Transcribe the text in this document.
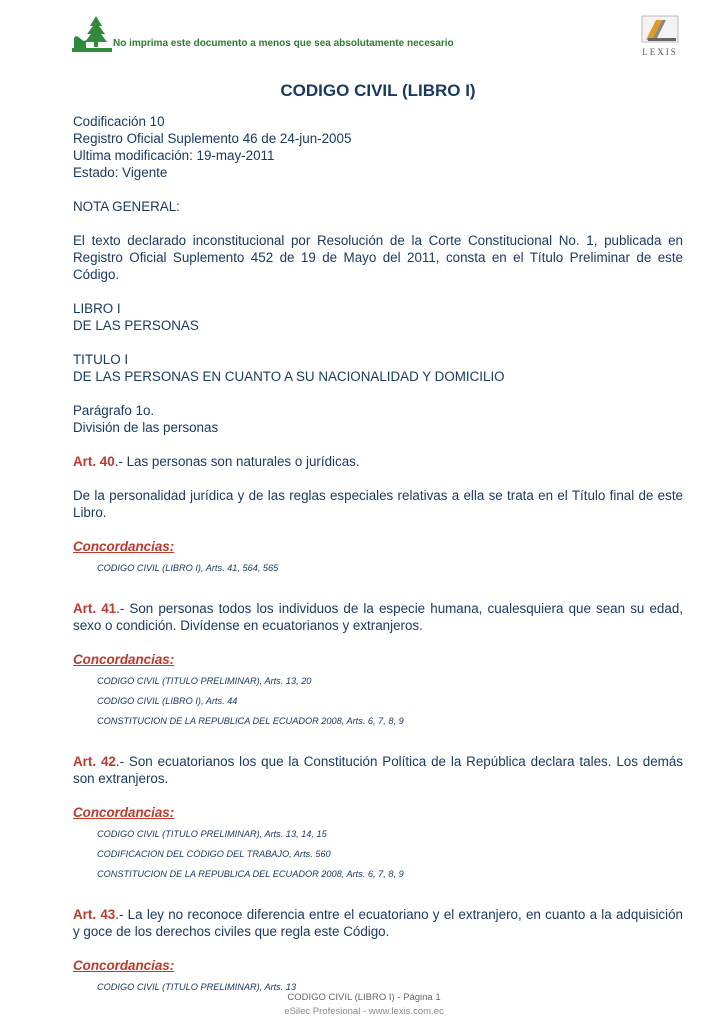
No imprima este documento a menos que sea absolutamente necesario
LEXIS
CODIGO CIVIL (LIBRO I)

Codificación 10

Registro Oficial Suplemento 46 de 24-jun-2005

Ultima modificación: 19-may-2011

Estado: Vigente

NOTA GENERAL:

El texto declarado inconstitucional por Resolución de la Corte Constitucional No. 1, publicada en Registro Oficial Suplemento 452 de 19 de Mayo del 2011, consta en el Título Preliminar de este Código.

LIBRO I

DE LAS PERSONAS

TITULO I

DE LAS PERSONAS EN CUANTO A SU NACIONALIDAD Y DOMICILIO

Parágrafo 1o.

División de las personas

Art. 40.- Las personas son naturales o jurídicas.

De la personalidad jurídica y de las reglas especiales relativas a ella se trata en el Título final de este Libro.

Concordancias:
CODIGO CIVIL (LIBRO I), Arts. 41, 564, 565

Art. 41.- Son personas todos los individuos de la especie humana, cualesquiera que sean su edad, sexo o condición. Divídense en ecuatorianos y extranjeros.

Concordancias:
CODIGO CIVIL (TITULO PRELIMINAR), Arts. 13, 20
CODIGO CIVIL (LIBRO I), Arts. 44
CONSTITUCION DE LA REPUBLICA DEL ECUADOR 2008, Arts. 6, 7, 8, 9

Art. 42.- Son ecuatorianos los que la Constitución Política de la República declara tales. Los demás son extranjeros.

Concordancias:
CODIGO CIVIL (TITULO PRELIMINAR), Arts. 13, 14, 15
CODIFICACION DEL CODIGO DEL TRABAJO, Arts. 560
CONSTITUCION DE LA REPUBLICA DEL ECUADOR 2008, Arts. 6, 7, 8, 9

Art. 43.- La ley no reconoce diferencia entre el ecuatoriano y el extranjero, en cuanto a la adquisición y goce de los derechos civiles que regla este Código.

Concordancias:
CODIGO CIVIL (TITULO PRELIMINAR), Arts. 13
CODIGO CIVIL (LIBRO I) - Página 1
eSilec Profesional - www.lexis.com.ec
